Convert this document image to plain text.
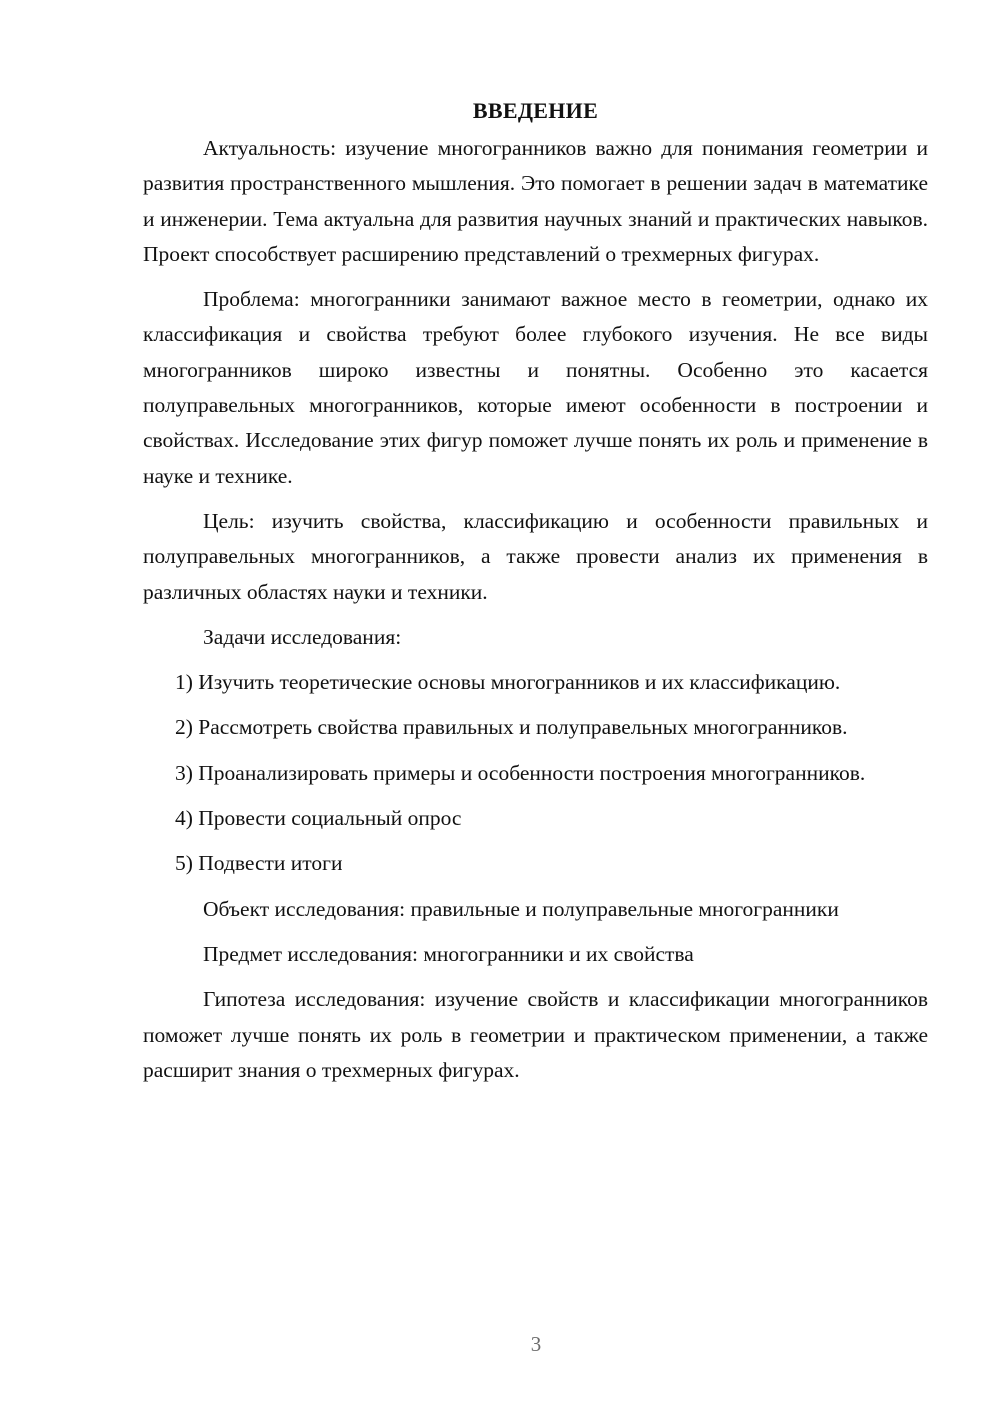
ВВЕДЕНИЕ

Актуальность: изучение многогранников важно для понимания геометрии и развития пространственного мышления. Это помогает в решении задач в математике и инженерии. Тема актуальна для развития научных знаний и практических навыков. Проект способствует расширению представлений о трехмерных фигурах.

Проблема: многогранники занимают важное место в геометрии, однако их классификация и свойства требуют более глубокого изучения. Не все виды многогранников широко известны и понятны. Особенно это касается полуправельных многогранников, которые имеют особенности в построении и свойствах. Исследование этих фигур поможет лучше понять их роль и применение в науке и технике.

Цель: изучить свойства, классификацию и особенности правильных и полуправельных многогранников, а также провести анализ их применения в различных областях науки и техники.

Задачи исследования:

1) Изучить теоретические основы многогранников и их классификацию.

2) Рассмотреть свойства правильных и полуправельных многогранников.

3) Проанализировать примеры и особенности построения многогранников.

4) Провести социальный опрос

5) Подвести итоги

Объект исследования: правильные и полуправельные многогранники

Предмет исследования: многогранники и их свойства

Гипотеза исследования: изучение свойств и классификации многогранников поможет лучше понять их роль в геометрии и практическом применении, а также расширит знания о трехмерных фигурах.

3
